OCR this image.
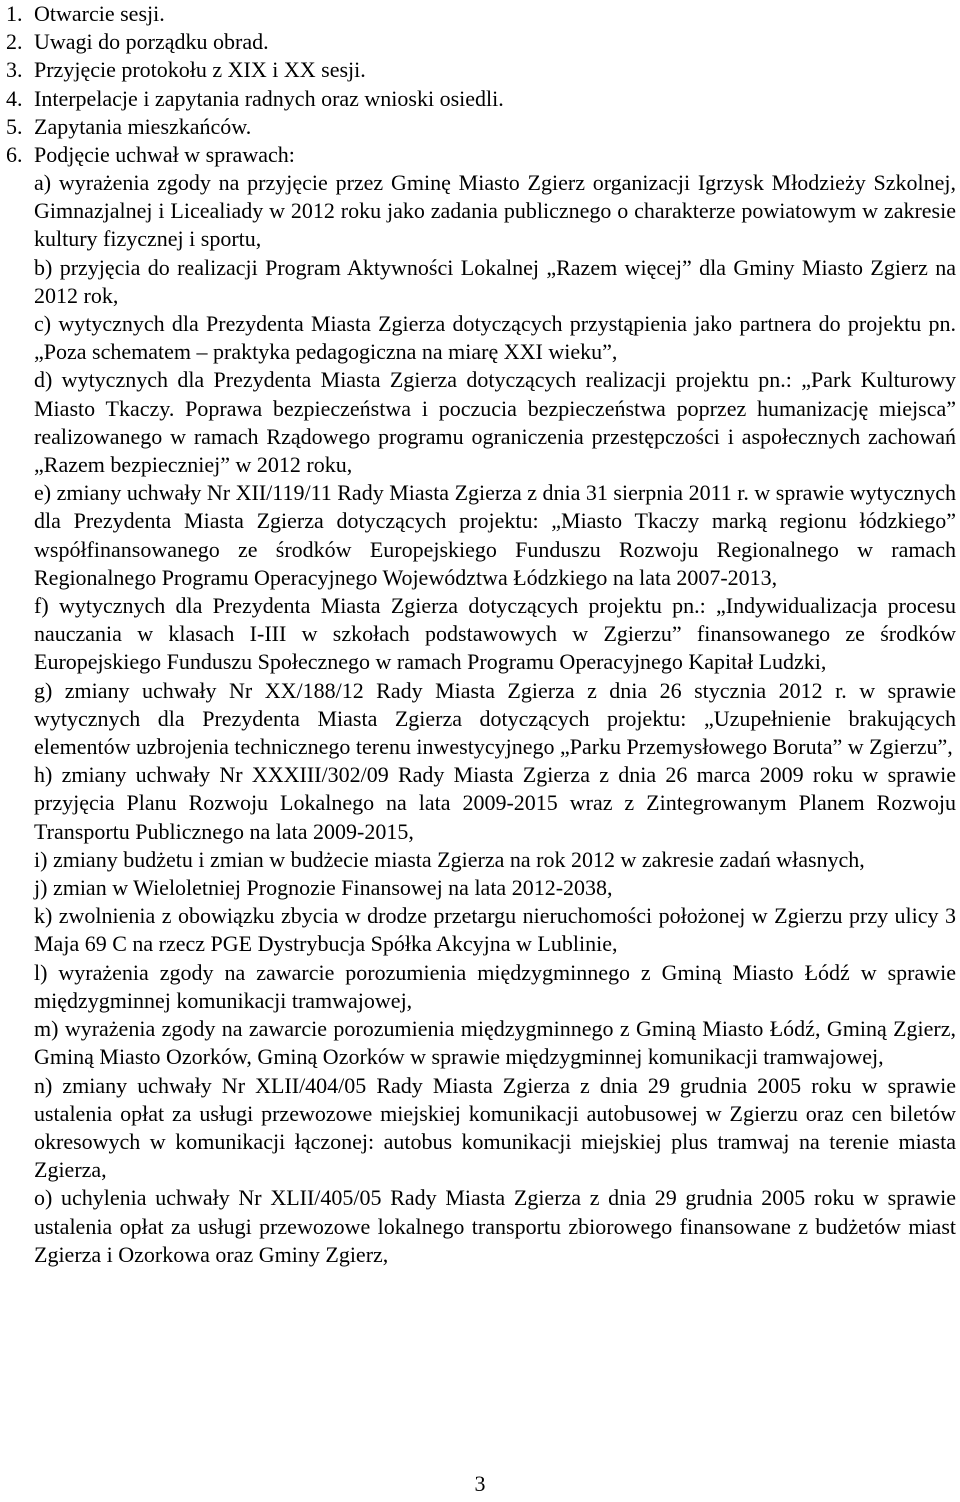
1. Otwarcie sesji.
2. Uwagi do porządku obrad.
3. Przyjęcie protokołu z XIX i XX sesji.
4. Interpelacje i zapytania radnych oraz wnioski osiedli.
5. Zapytania mieszkańców.
6. Podjęcie uchwał w sprawach:
a) wyrażenia zgody na przyjęcie przez Gminę Miasto Zgierz organizacji Igrzysk Młodzieży Szkolnej, Gimnazjalnej i Licealiady w 2012 roku jako zadania publicznego o charakterze powiatowym w zakresie kultury fizycznej i sportu,
b) przyjęcia do realizacji Program Aktywności Lokalnej „Razem więcej” dla Gminy Miasto Zgierz na 2012 rok,
c) wytycznych dla Prezydenta Miasta Zgierza dotyczących przystąpienia jako partnera do projektu pn. „Poza schematem – praktyka pedagogiczna na miarę XXI wieku”,
d) wytycznych dla Prezydenta Miasta Zgierza dotyczących realizacji projektu pn.: „Park Kulturowy Miasto Tkaczy. Poprawa bezpieczeństwa i poczucia bezpieczeństwa poprzez humanizację miejsca” realizowanego w ramach Rządowego programu ograniczenia przestępczości i aspołecznych zachowań „Razem bezpieczniej” w 2012 roku,
e) zmiany uchwały Nr XII/119/11 Rady Miasta Zgierza z dnia 31 sierpnia 2011 r. w sprawie wytycznych dla Prezydenta Miasta Zgierza dotyczących projektu: „Miasto Tkaczy marką regionu łódzkiego” współfinansowanego ze środków Europejskiego Funduszu Rozwoju Regionalnego w ramach Regionalnego Programu Operacyjnego Województwa Łódzkiego na lata 2007-2013,
f) wytycznych dla Prezydenta Miasta Zgierza dotyczących projektu pn.: „Indywidualizacja procesu nauczania w klasach I-III w szkołach podstawowych w Zgierzu” finansowanego ze środków Europejskiego Funduszu Społecznego w ramach Programu Operacyjnego Kapitał Ludzki,
g) zmiany uchwały Nr XX/188/12 Rady Miasta Zgierza z dnia 26 stycznia 2012 r. w sprawie wytycznych dla Prezydenta Miasta Zgierza dotyczących projektu: „Uzupełnienie brakujących elementów uzbrojenia technicznego terenu inwestycyjnego „Parku Przemysłowego Boruta” w Zgierzu”,
h) zmiany uchwały Nr XXXIII/302/09 Rady Miasta Zgierza z dnia 26 marca 2009 roku w sprawie przyjęcia Planu Rozwoju Lokalnego na lata 2009-2015 wraz z Zintegrowanym Planem Rozwoju Transportu Publicznego na lata 2009-2015,
i) zmiany budżetu i zmian w budżecie miasta Zgierza na rok 2012 w zakresie zadań własnych,
j) zmian w Wieloletniej Prognozie Finansowej na lata 2012-2038,
k) zwolnienia z obowiązku zbycia w drodze przetargu nieruchomości położonej w Zgierzu przy ulicy 3 Maja 69 C na rzecz PGE Dystrybucja Spółka Akcyjna w Lublinie,
l) wyrażenia zgody na zawarcie porozumienia międzygminnego z Gminą Miasto Łódź w sprawie międzygminnej komunikacji tramwajowej,
m) wyrażenia zgody na zawarcie porozumienia międzygminnego z Gminą Miasto Łódź, Gminą Zgierz, Gminą Miasto Ozorków, Gminą Ozorków w sprawie międzygminnej komunikacji tramwajowej,
n) zmiany uchwały Nr XLII/404/05 Rady Miasta Zgierza z dnia 29 grudnia 2005 roku w sprawie ustalenia opłat za usługi przewozowe miejskiej komunikacji autobusowej w Zgierzu oraz cen biletów okresowych w komunikacji łączonej: autobus komunikacji miejskiej plus tramwaj na terenie miasta Zgierza,
o) uchylenia uchwały Nr XLII/405/05 Rady Miasta Zgierza z dnia 29 grudnia 2005 roku w sprawie ustalenia opłat za usługi przewozowe lokalnego transportu zbiorowego finansowane z budżetów miast Zgierza i Ozorkowa oraz Gminy Zgierz,
3
